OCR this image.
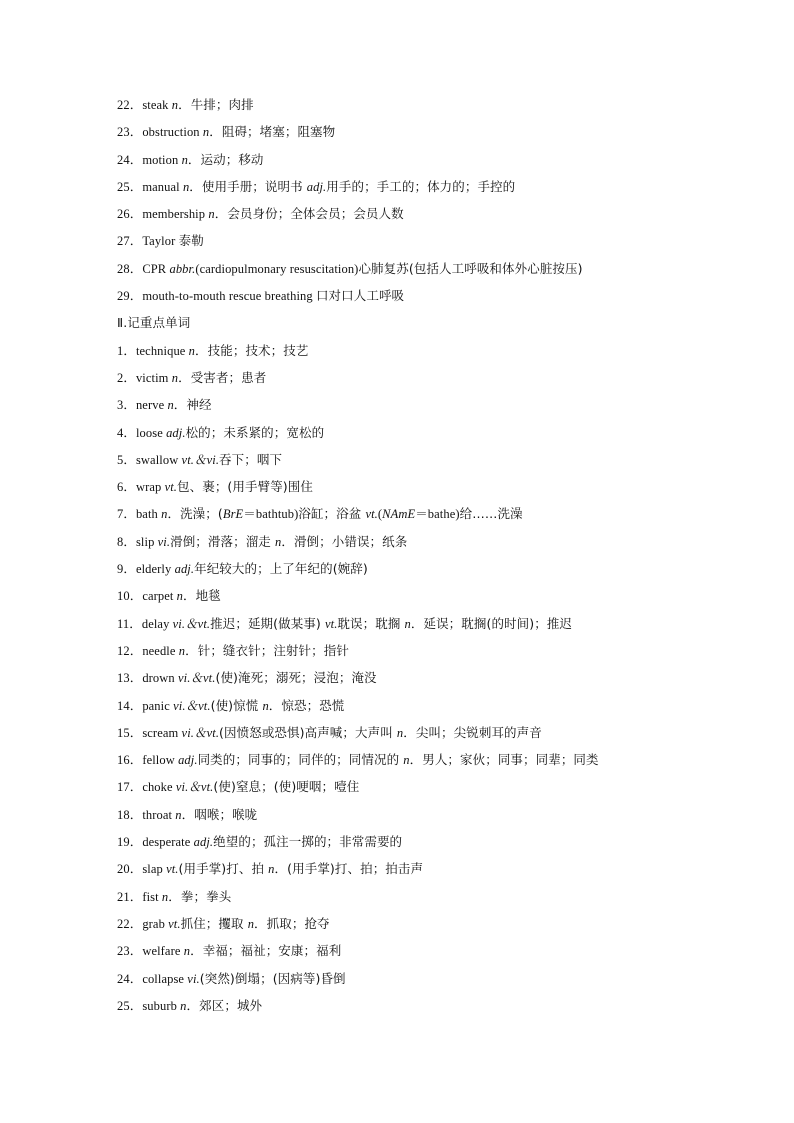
22．steak n．牛排；肉排
23．obstruction n．阻碍；堵塞；阻塞物
24．motion n．运动；移动
25．manual n．使用手册；说明书 adj.用手的；手工的；体力的；手控的
26．membership n．会员身份；全体会员；会员人数
27．Taylor 泰勒
28．CPR abbr.(cardiopulmonary resuscitation)心肺复苏(包括人工呼吸和体外心脏按压)
29．mouth-to-mouth rescue breathing 口对口人工呼吸
Ⅱ.记重点单词
1．technique n．技能；技术；技艺
2．victim n．受害者；患者
3．nerve n．神经
4．loose adj.松的；未系紧的；宽松的
5．swallow vt.＆vi.吞下；咽下
6．wrap vt.包、裹；(用手臂等)围住
7．bath n．洗澡；(BrE＝bathtub)浴缸；浴盆 vt.(NAmE＝bathe)给……洗澡
8．slip vi.滑倒；滑落；溜走 n．滑倒；小错误；纸条
9．elderly adj.年纪较大的；上了年纪的(婉辞)
10．carpet n．地毯
11．delay vi.＆vt.推迟；延期(做某事) vt.耽误；耽搁 n．延误；耽搁(的时间)；推迟
12．needle n．针；缝衣针；注射针；指针
13．drown vi.＆vt.(使)淹死；溺死；浸泡；淹没
14．panic vi.＆vt.(使)惊慌 n．惊恐；恐慌
15．scream vi.＆vt.(因愤怒或恐惧)高声喊；大声叫 n．尖叫；尖锐刺耳的声音
16．fellow adj.同类的；同事的；同伴的；同情况的 n．男人；家伙；同事；同辈；同类
17．choke vi.＆vt.(使)窒息；(使)哽咽；噎住
18．throat n．咽喉；喉咙
19．desperate adj.绝望的；孤注一掷的；非常需要的
20．slap vt.(用手掌)打、拍 n．(用手掌)打、拍；拍击声
21．fist n．拳；拳头
22．grab vt.抓住；攫取 n．抓取；抢夺
23．welfare n．幸福；福祉；安康；福利
24．collapse vi.(突然)倒塌；(因病等)昏倒
25．suburb n．郊区；城外
